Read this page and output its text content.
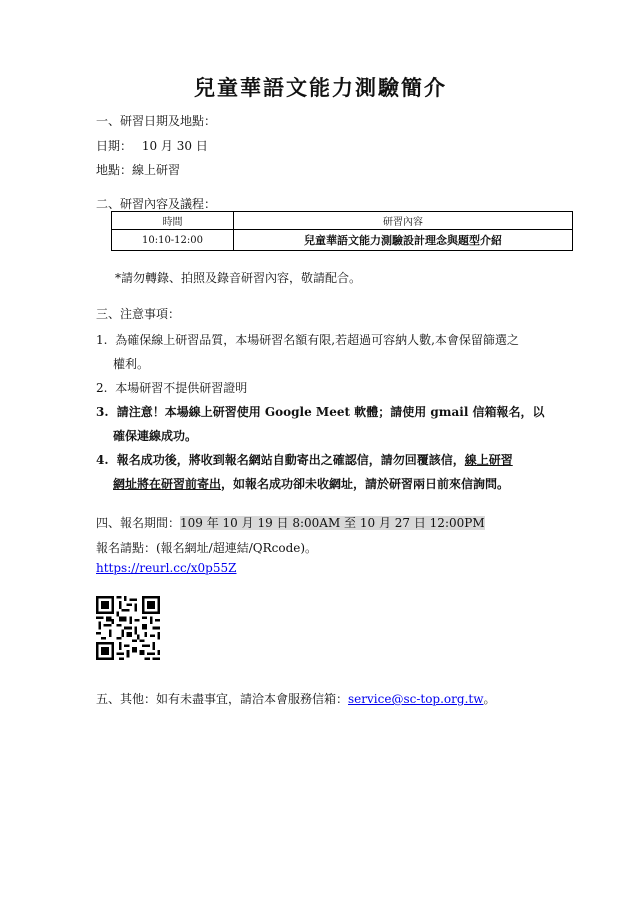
兒童華語文能力測驗簡介
一、研習日期及地點：
日期： 10 月 30 日
地點：線上研習
二、研習內容及議程：
時間	研習內容
10:10-12:00	兒童華語文能力測驗設計理念與題型介紹
*請勿轉錄、拍照及錄音研習內容，敬請配合。
三、注意事項：
1. 為確保線上研習品質，本場研習名額有限,若超過可容納人數,本會保留篩選之
權利。
2. 本場研習不提供研習證明
3. 請注意！本場線上研習使用 Google Meet 軟體；請使用 gmail 信箱報名，以
確保連線成功。
4. 報名成功後，將收到報名網站自動寄出之確認信，請勿回覆該信，線上研習
網址將在研習前寄出，如報名成功卻未收網址，請於研習兩日前來信詢問。
四、報名期間：109 年 10 月 19 日 8:00AM 至 10 月 27 日 12:00PM
報名請點：(報名網址/超連結/QRcode)。
https://reurl.cc/x0p55Z
五、其他：如有未盡事宜，請洽本會服務信箱：service@sc-top.org.tw。
